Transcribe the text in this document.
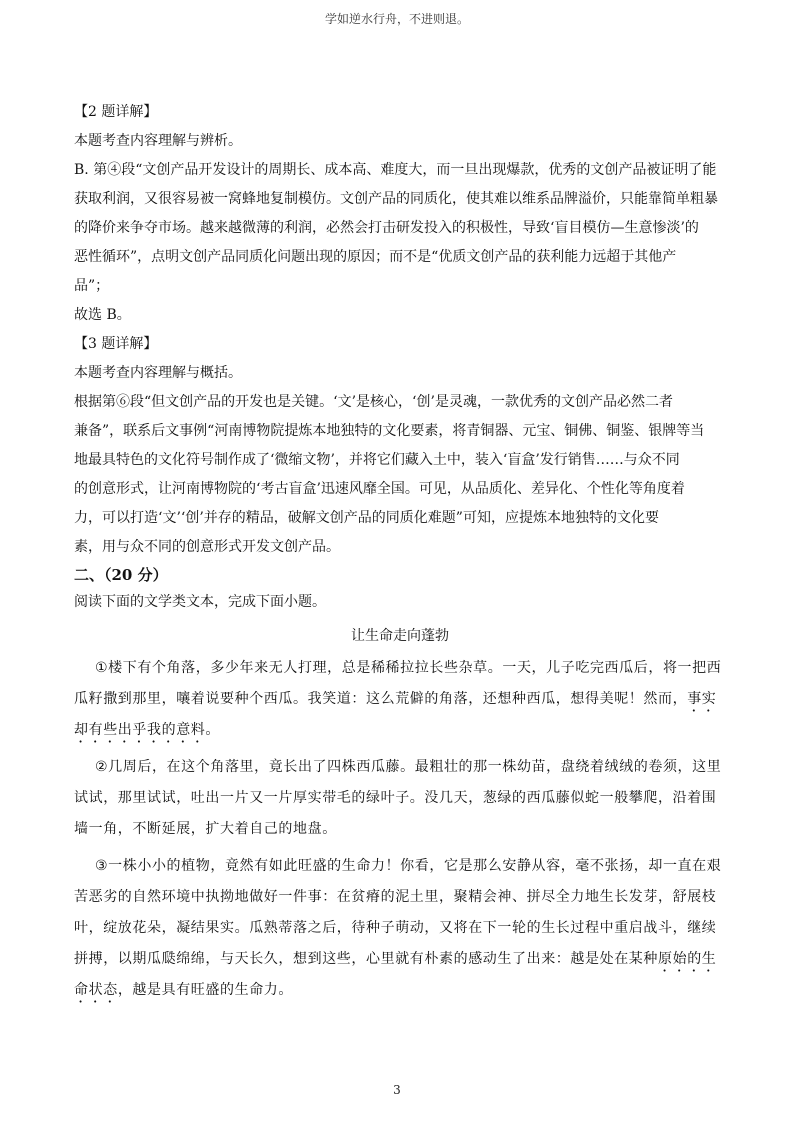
学如逆水行舟，不进则退。

【2 题详解】

本题考查内容理解与辨析。

B. 第④段“文创产品开发设计的周期长、成本高、难度大，而一旦出现爆款，优秀的文创产品被证明了能

获取利润，又很容易被一窝蜂地复制模仿。文创产品的同质化，使其难以维系品牌溢价，只能靠简单粗暴

的降价来争夺市场。越来越微薄的利润，必然会打击研发投入的积极性，导致‘盲目模仿—生意惨淡’的

恶性循环”，点明文创产品同质化问题出现的原因；而不是“优质文创产品的获利能力远超于其他产

品”；

故选 B。

【3 题详解】

本题考查内容理解与概括。

根据第⑥段“但文创产品的开发也是关键。‘文’是核心，‘创’是灵魂，一款优秀的文创产品必然二者

兼备”，联系后文事例“河南博物院提炼本地独特的文化要素，将青铜器、元宝、铜佛、铜鉴、银牌等当

地最具特色的文化符号制作成了‘微缩文物’，并将它们藏入土中，装入‘盲盒’发行销售……与众不同

的创意形式，让河南博物院的‘考古盲盒’迅速风靡全国。可见，从品质化、差异化、个性化等角度着

力，可以打造‘文’‘创’并存的精品，破解文创产品的同质化难题”可知，应提炼本地独特的文化要

素，用与众不同的创意形式开发文创产品。

二、（20 分）

阅读下面的文学类文本，完成下面小题。

让生命走向蓬勃

①楼下有个角落，多少年来无人打理，总是稀稀拉拉长些杂草。一天，儿子吃完西瓜后，将一把西瓜籽撒到那里，嚷着说要种个西瓜。我笑道：这么荒僻的角落，还想种西瓜，想得美呢！然而，事实却有些出乎我的意料。

②几周后，在这个角落里，竟长出了四株西瓜藤。最粗壮的那一株幼苗，盘绕着绒绒的卷须，这里试试，那里试试，吐出一片又一片厚实带毛的绿叶子。没几天，葱绿的西瓜藤似蛇一般攀爬，沿着围墙一角，不断延展，扩大着自己的地盘。

③一株小小的植物，竟然有如此旺盛的生命力！你看，它是那么安静从容，毫不张扬，却一直在艰苦恶劣的自然环境中执拗地做好一件事：在贫瘠的泥土里，聚精会神、拼尽全力地生长发芽，舒展枝叶，绽放花朵，凝结果实。瓜熟蒂落之后，待种子萌动，又将在下一轮的生长过程中重启战斗，继续拼搏，以期瓜瓞绵绵，与天长久，想到这些，心里就有朴素的感动生了出来：越是处在某种原始的生命状态，越是具有旺盛的生命力。

3
